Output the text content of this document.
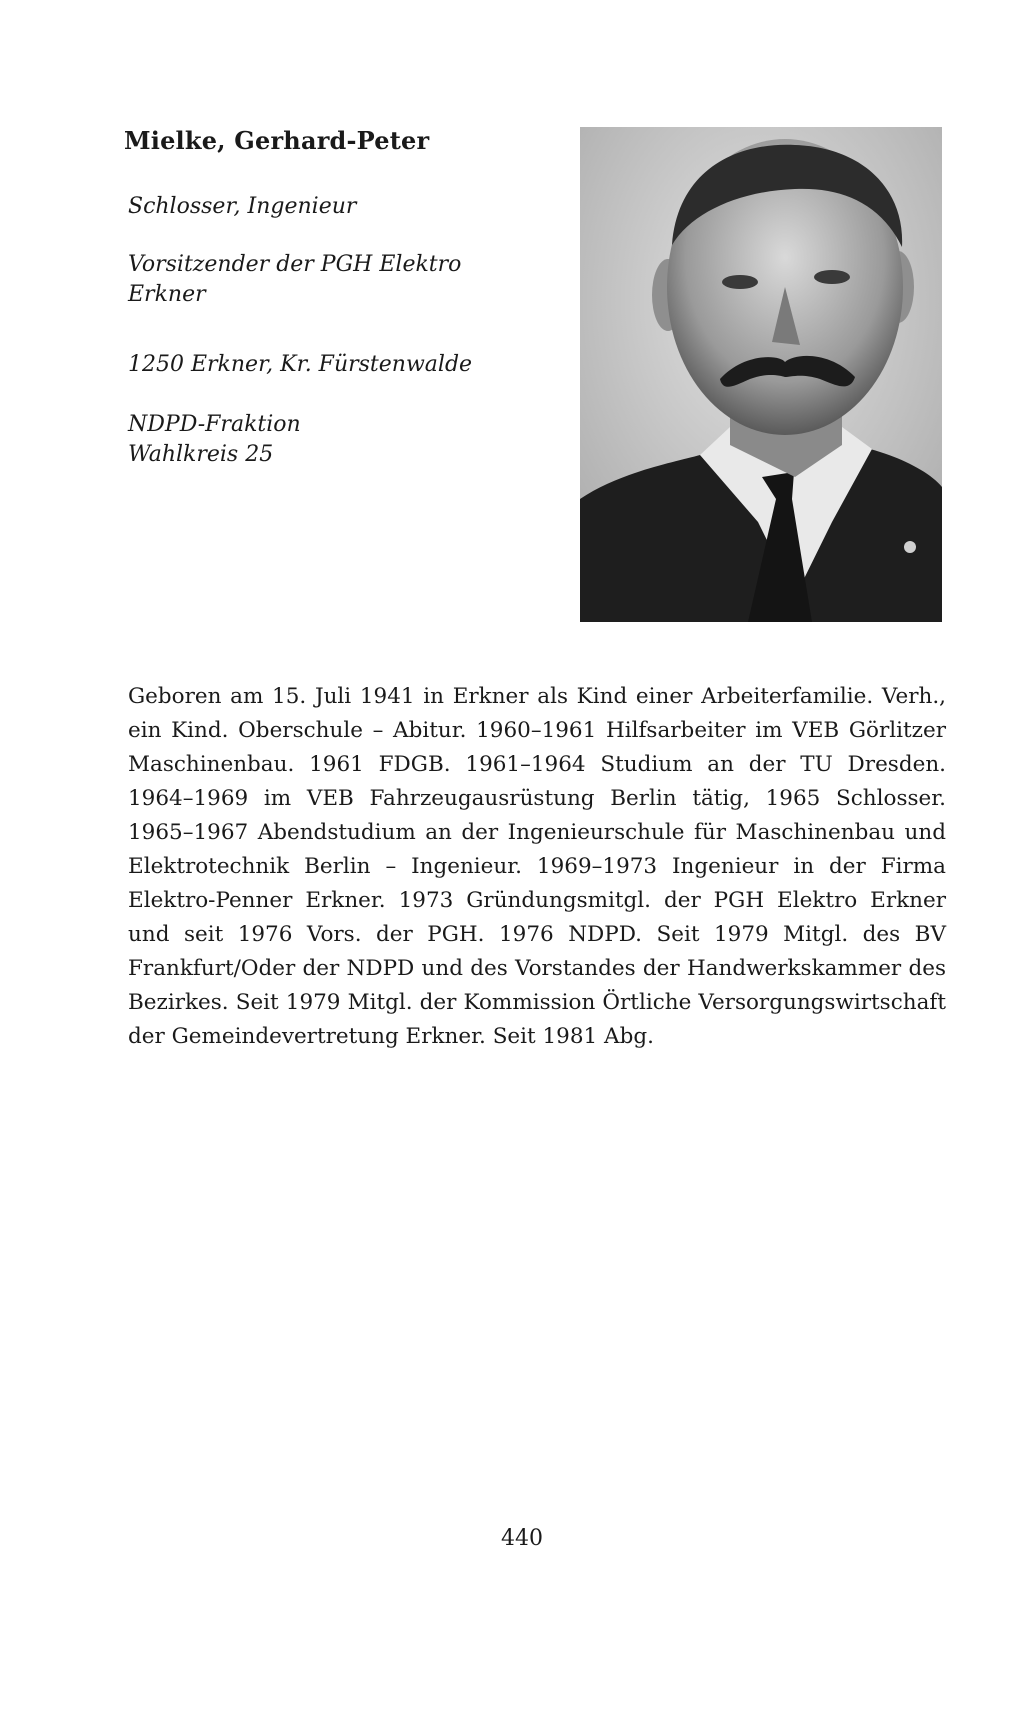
Mielke, Gerhard-Peter

Schlosser, Ingenieur

Vorsitzender der PGH Elektro
Erkner

1250 Erkner, Kr. Fürstenwalde

NDPD-Fraktion
Wahlkreis 25

Geboren am 15. Juli 1941 in Erkner als Kind einer Arbeiterfamilie. Verh., ein Kind. Oberschule – Abitur. 1960–1961 Hilfsarbeiter im VEB Görlitzer Maschinenbau. 1961 FDGB. 1961–1964 Studium an der TU Dresden. 1964–1969 im VEB Fahrzeugausrüstung Berlin tätig, 1965 Schlosser. 1965–1967 Abendstudium an der Ingenieurschule für Maschinenbau und Elektrotechnik Berlin – Ingenieur. 1969–1973 Ingenieur in der Firma Elektro-Penner Erkner. 1973 Gründungsmitgl. der PGH Elektro Erkner und seit 1976 Vors. der PGH. 1976 NDPD. Seit 1979 Mitgl. des BV Frankfurt/Oder der NDPD und des Vorstandes der Handwerkskammer des Bezirkes. Seit 1979 Mitgl. der Kommission Örtliche Versorgungswirtschaft der Gemeindevertretung Erkner. Seit 1981 Abg.

440
